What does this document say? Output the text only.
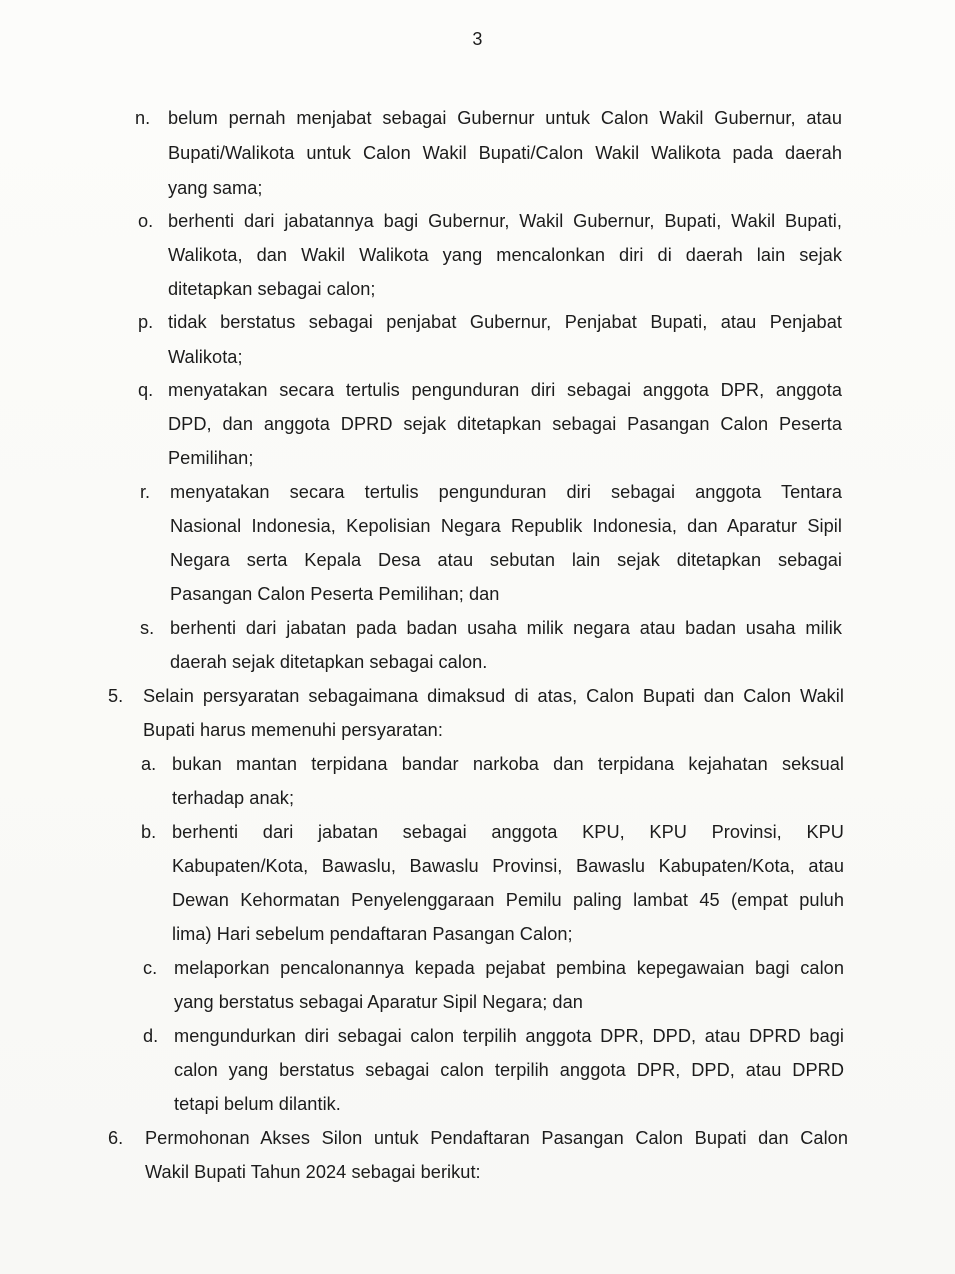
3
n. belum pernah menjabat sebagai Gubernur untuk Calon Wakil Gubernur, atau
Bupati/Walikota untuk Calon Wakil Bupati/Calon Wakil Walikota pada daerah
yang sama;
o. berhenti dari jabatannya bagi Gubernur, Wakil Gubernur, Bupati, Wakil Bupati,
Walikota, dan Wakil Walikota yang mencalonkan diri di daerah lain sejak
ditetapkan sebagai calon;
p. tidak berstatus sebagai penjabat Gubernur, Penjabat Bupati, atau Penjabat
Walikota;
q. menyatakan secara tertulis pengunduran diri sebagai anggota DPR, anggota
DPD, dan anggota DPRD sejak ditetapkan sebagai Pasangan Calon Peserta
Pemilihan;
r. menyatakan secara tertulis pengunduran diri sebagai anggota Tentara
Nasional Indonesia, Kepolisian Negara Republik Indonesia, dan Aparatur Sipil
Negara serta Kepala Desa atau sebutan lain sejak ditetapkan sebagai
Pasangan Calon Peserta Pemilihan; dan
s. berhenti dari jabatan pada badan usaha milik negara atau badan usaha milik
daerah sejak ditetapkan sebagai calon.
5. Selain persyaratan sebagaimana dimaksud di atas, Calon Bupati dan Calon Wakil
Bupati harus memenuhi persyaratan:
a. bukan mantan terpidana bandar narkoba dan terpidana kejahatan seksual
terhadap anak;
b. berhenti dari jabatan sebagai anggota KPU, KPU Provinsi, KPU
Kabupaten/Kota, Bawaslu, Bawaslu Provinsi, Bawaslu Kabupaten/Kota, atau
Dewan Kehormatan Penyelenggaraan Pemilu paling lambat 45 (empat puluh
lima) Hari sebelum pendaftaran Pasangan Calon;
c. melaporkan pencalonannya kepada pejabat pembina kepegawaian bagi calon
yang berstatus sebagai Aparatur Sipil Negara; dan
d. mengundurkan diri sebagai calon terpilih anggota DPR, DPD, atau DPRD bagi
calon yang berstatus sebagai calon terpilih anggota DPR, DPD, atau DPRD
tetapi belum dilantik.
6. Permohonan Akses Silon untuk Pendaftaran Pasangan Calon Bupati dan Calon
Wakil Bupati Tahun 2024 sebagai berikut:
